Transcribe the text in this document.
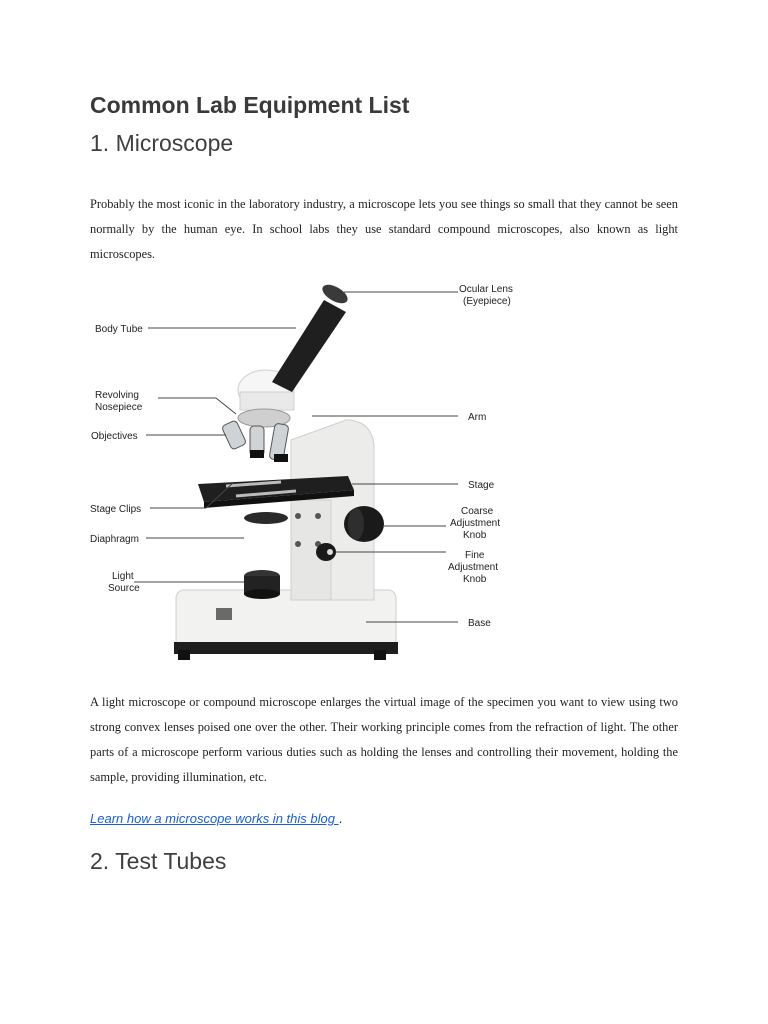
Common Lab Equipment List
1. Microscope

Probably the most iconic in the laboratory industry, a microscope lets you see things so small that they cannot be seen normally by the human eye. In school labs they use standard compound microscopes, also known as light microscopes.

Body Tube
Revolving
Nosepiece
Objectives
Stage Clips
Diaphragm
Light
Source
Ocular Lens
(Eyepiece)
Arm
Stage
Coarse
Adjustment
Knob
Fine
Adjustment
Knob
Base

A light microscope or compound microscope enlarges the virtual image of the specimen you want to view using two strong convex lenses poised one over the other. Their working principle comes from the refraction of light. The other parts of a microscope perform various duties such as holding the lenses and controlling their movement, holding the sample, providing illumination, etc.

Learn how a microscope works in this blog .
2. Test Tubes
